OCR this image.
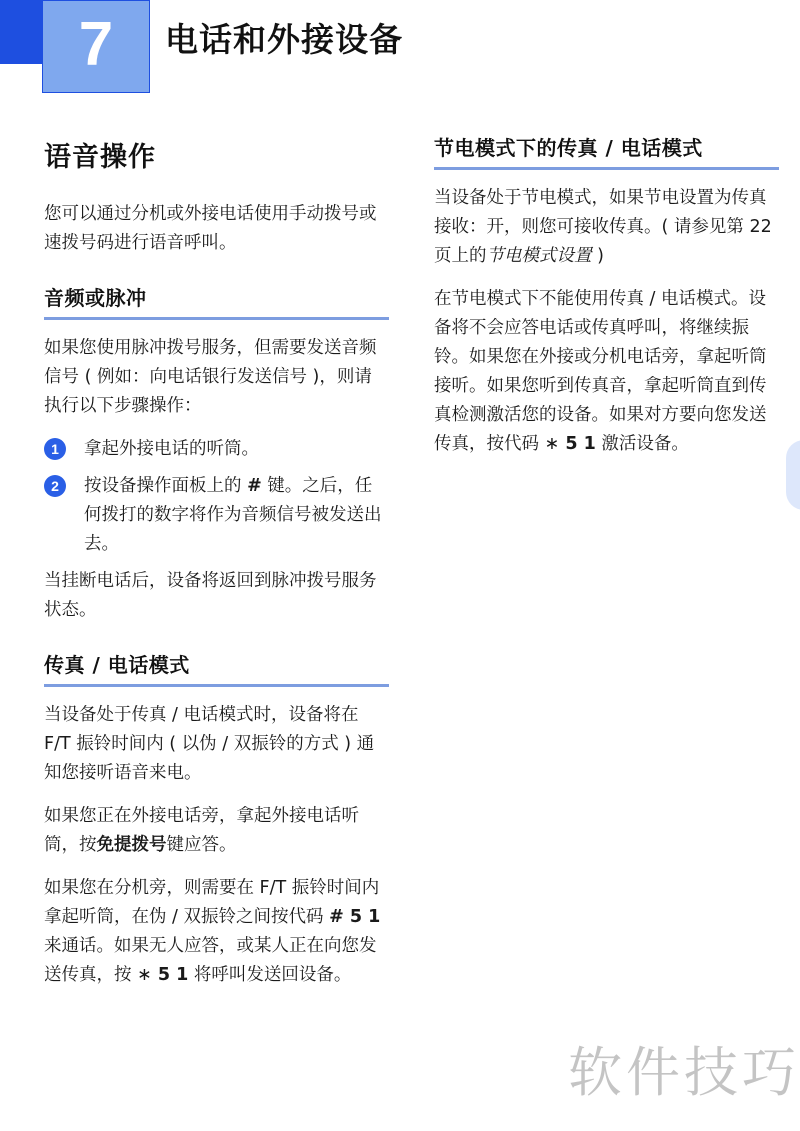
7	电话和外接设备
语音操作

您可以通过分机或外接电话使用手动拨号或速拨号码进行语音呼叫。

音频或脉冲

如果您使用脉冲拨号服务，但需要发送音频信号 ( 例如：向电话银行发送信号 )，则请执行以下步骤操作：

1	拿起外接电话的听筒。
2	按设备操作面板上的 # 键。之后，任何拨打的数字将作为音频信号被发送出去。

当挂断电话后，设备将返回到脉冲拨号服务状态。

传真 / 电话模式

当设备处于传真 / 电话模式时，设备将在 F/T 振铃时间内 ( 以伪 / 双振铃的方式 ) 通知您接听语音来电。

如果您正在外接电话旁，拿起外接电话听筒，按免提拨号键应答。

如果您在分机旁，则需要在 F/T 振铃时间内拿起听筒，在伪 / 双振铃之间按代码 # 5 1 来通话。如果无人应答，或某人正在向您发送传真，按 ∗ 5 1 将呼叫发送回设备。

节电模式下的传真 / 电话模式

当设备处于节电模式，如果节电设置为传真接收：开，则您可接收传真。( 请参见第 22 页上的节电模式设置 )

在节电模式下不能使用传真 / 电话模式。设备将不会应答电话或传真呼叫，将继续振铃。如果您在外接或分机电话旁，拿起听筒接听。如果您听到传真音，拿起听筒直到传真检测激活您的设备。如果对方要向您发送传真，按代码 ∗ 5 1 激活设备。

软件技巧
